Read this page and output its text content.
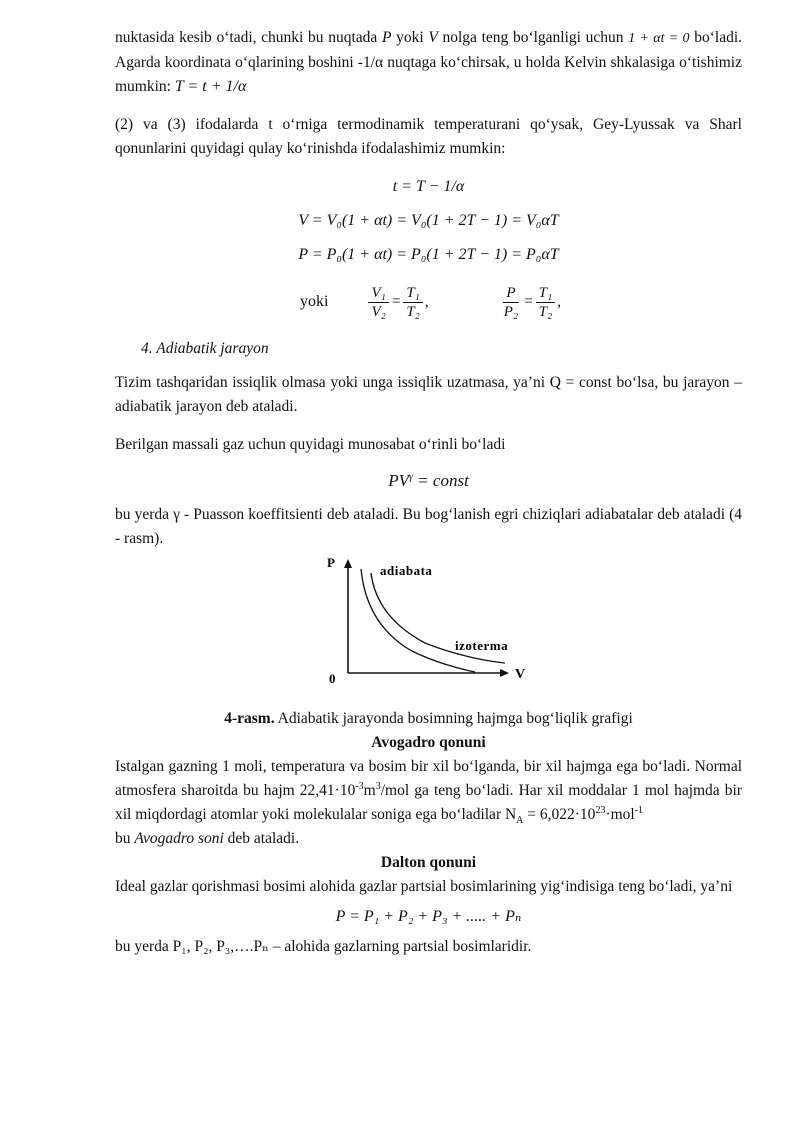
nuktasida kesib o‘tadi, chunki bu nuqtada P yoki V nolga teng bo‘lganligi uchun 1 + αt = 0 bo‘ladi. Agarda koordinata o‘qlarining boshini -1/α nuqtaga ko‘chirsak, u holda Kelvin shkalasiga o‘tishimiz mumkin: T = t + 1/α

(2) va (3) ifodalarda t o‘rniga termodinamik temperaturani qo‘ysak, Gey-Lyussak va Sharl qonunlarini quyidagi qulay ko‘rinishda ifodalashimiz mumkin:

t = T − 1/α
V = V₀(1 + αt) = V₀(1 + 2T − 1) = V₀αT
P = P₀(1 + αt) = P₀(1 + 2T − 1) = P₀αT
yoki	$\frac{\text{V₁}}{\text{V₂}} = \frac{\text{T₁}}{\text{T₂}}$ ,	$\frac{P}{\text{P₂}} = \frac{\text{T₁}}{\text{T₂}}$ ,
4. Adiabatik jarayon

Tizim tashqaridan issiqlik olmasa yoki unga issiqlik uzatmasa, ya’ni Q = const bo‘lsa, bu jarayon – adiabatik jarayon deb ataladi.

Berilgan massali gaz uchun quyidagi munosabat o‘rinli bo‘ladi

$PV^\gamma$ = const

bu yerda γ - Puasson koeffitsienti deb ataladi. Bu bog‘lanish egri chiziqlari adiabatalar deb ataladi (4 - rasm).

P
V
0
adiabata
izoterma
4-rasm. Adiabatik jarayonda bosimning hajmga bog‘liqlik grafigi
Avogadro qonuni

Istalgan gazning 1 moli, temperatura va bosim bir xil bo‘lganda, bir xil hajmga ega bo‘ladi. Normal atmosfera sharoitda bu hajm $22,41\cdot 10^{-3}m^3$/mol ga teng bo‘ladi. Har xil moddalar 1 mol hajmda bir xil miqdordagi atomlar yoki molekulalar soniga ega bo‘ladilar $N_A = 6,022\cdot 10^{23}\cdot mol^{-1}$

bu Avogadro soni deb ataladi.

Dalton qonuni

Ideal gazlar qorishmasi bosimi alohida gazlar partsial bosimlarining yig‘indisiga teng bo‘ladi, ya’ni

P = P₁ + P₂ + P₃ + ..... + Pₙ

bu yerda P₁, P₂, P₃,….Pₙ – alohida gazlarning partsial bosimlaridir.
